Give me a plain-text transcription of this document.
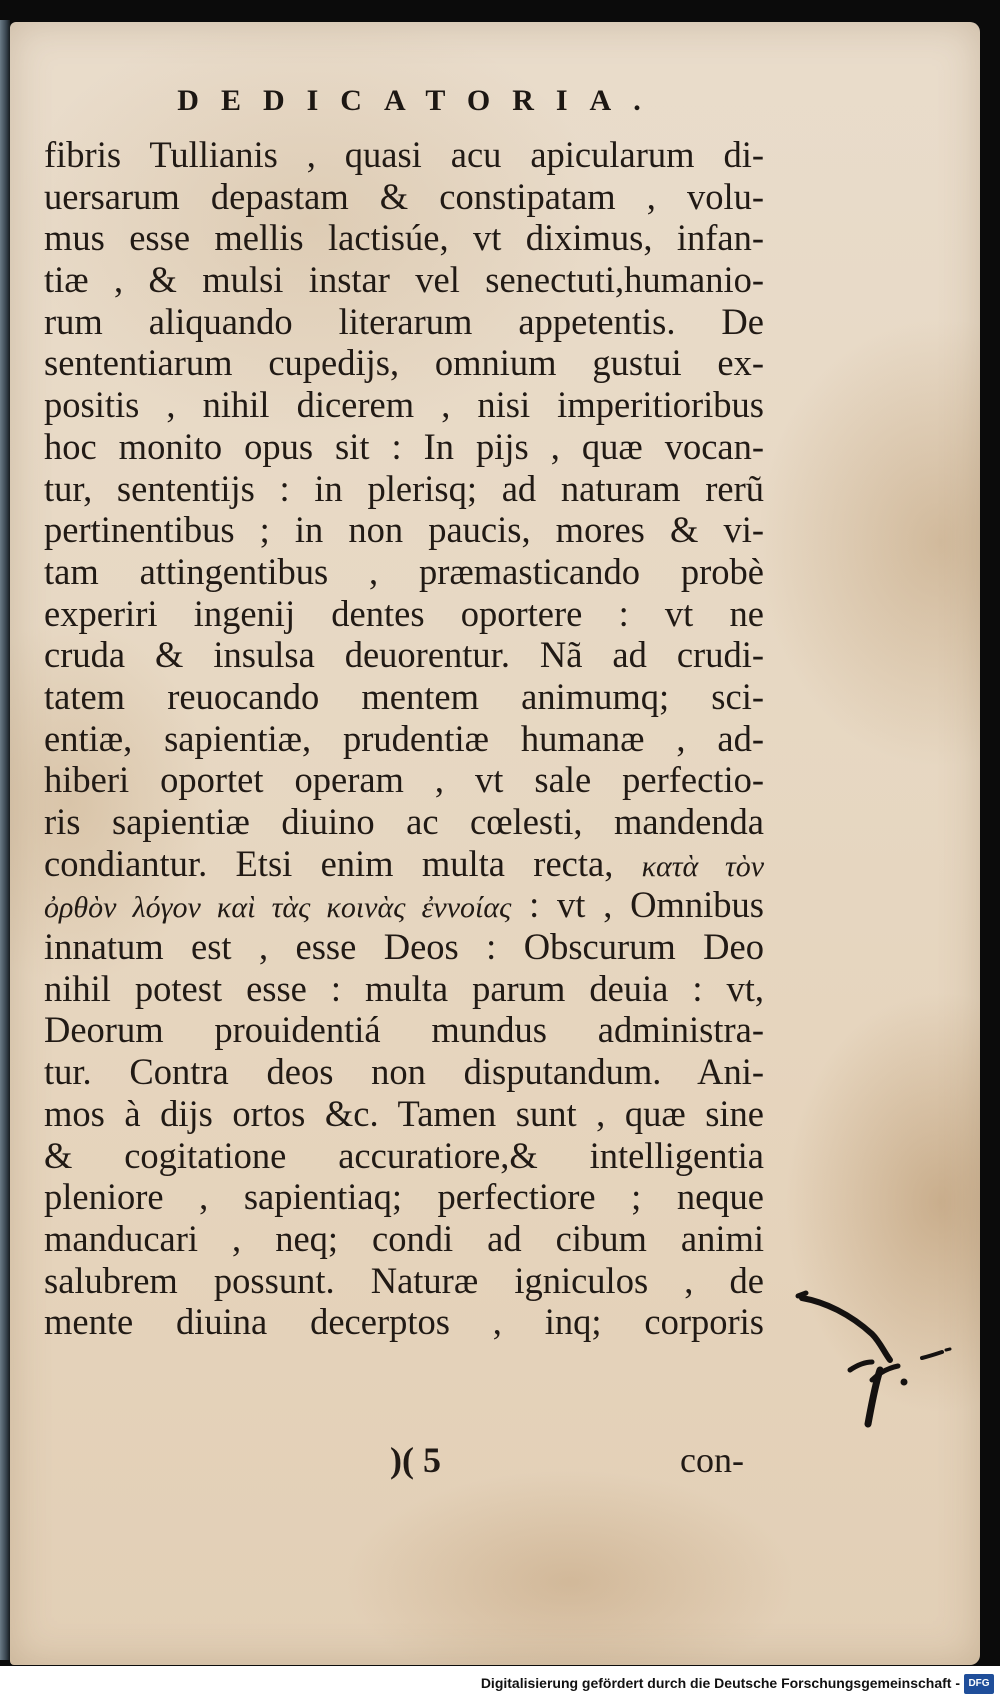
DEDICATORIA.
fibris Tullianis , quasi acu apicularum di-
uersarum depastam & constipatam , volu-
mus esse mellis lactisúe, vt diximus, infan-
tiæ , & mulsi instar vel senectuti,humanio-
rum aliquando literarum appetentis. De
sententiarum cupedijs, omnium gustui ex-
positis , nihil dicerem , nisi imperitioribus
hoc monito opus sit : In pijs , quæ vocan-
tur, sententijs : in plerisq; ad naturam rerũ
pertinentibus ; in non paucis, mores & vi-
tam attingentibus , præmasticando probè
experiri ingenij dentes oportere : vt ne
cruda & insulsa deuorentur. Nã ad crudi-
tatem reuocando mentem animumq; sci-
entiæ, sapientiæ, prudentiæ humanæ , ad-
hiberi oportet operam , vt sale perfectio-
ris sapientiæ diuino ac cœlesti, mandenda
condiantur. Etsi enim multa recta, κατὰ τὸν
ὀρθὸν λόγον καὶ τὰς κοινὰς ἐννοίας : vt , Omnibus
innatum est , esse Deos : Obscurum Deo
nihil potest esse : multa parum deuia : vt,
Deorum prouidentiá mundus administra-
tur. Contra deos non disputandum. Ani-
mos à dijs ortos &c. Tamen sunt , quæ sine
& cogitatione accuratiore,& intelligentia
pleniore , sapientiaq; perfectiore ; neque
manducari , neq; condi ad cibum animi
salubrem possunt. Naturæ igniculos , de
mente diuina decerptos , inq; corporis
)( 5	con-
Digitalisierung gefördert durch die Deutsche Forschungsgemeinschaft - DFG
